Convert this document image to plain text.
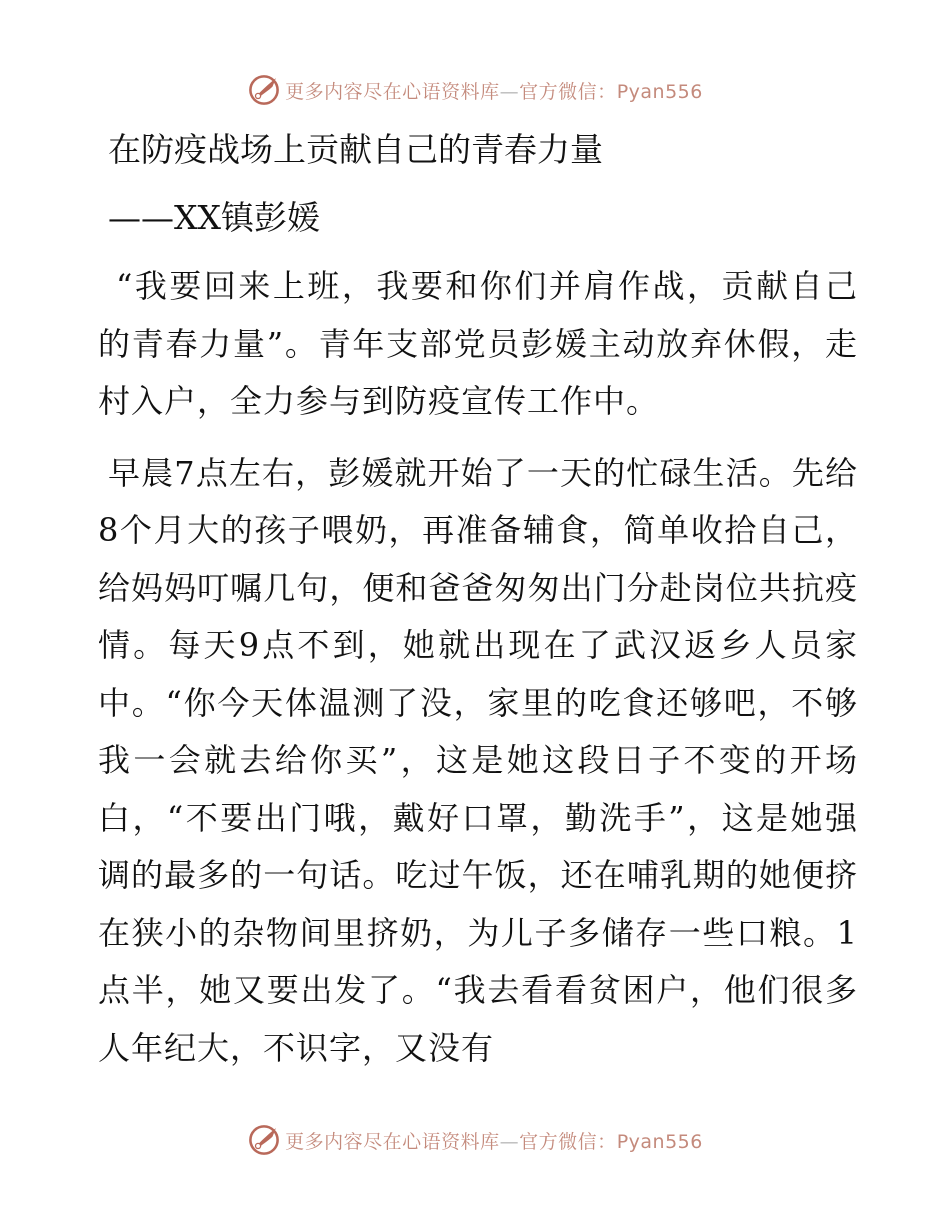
更多内容尽在心语资料库—官方微信：Pyan556
在防疫战场上贡献自己的青春力量
——XX镇彭媛

“我要回来上班，我要和你们并肩作战，贡献自己的青春力量”。青年支部党员彭媛主动放弃休假，走村入户，全力参与到防疫宣传工作中。

早晨7点左右，彭媛就开始了一天的忙碌生活。先给8个月大的孩子喂奶，再准备辅食，简单收拾自己，给妈妈叮嘱几句，便和爸爸匆匆出门分赴岗位共抗疫情。每天9点不到，她就出现在了武汉返乡人员家中。“你今天体温测了没，家里的吃食还够吧，不够我一会就去给你买”，这是她这段日子不变的开场白，“不要出门哦，戴好口罩，勤洗手”，这是她强调的最多的一句话。吃过午饭，还在哺乳期的她便挤在狭小的杂物间里挤奶，为儿子多储存一些口粮。1点半，她又要出发了。“我去看看贫困户，他们很多人年纪大，不识字，又没有

更多内容尽在心语资料库—官方微信：Pyan556
